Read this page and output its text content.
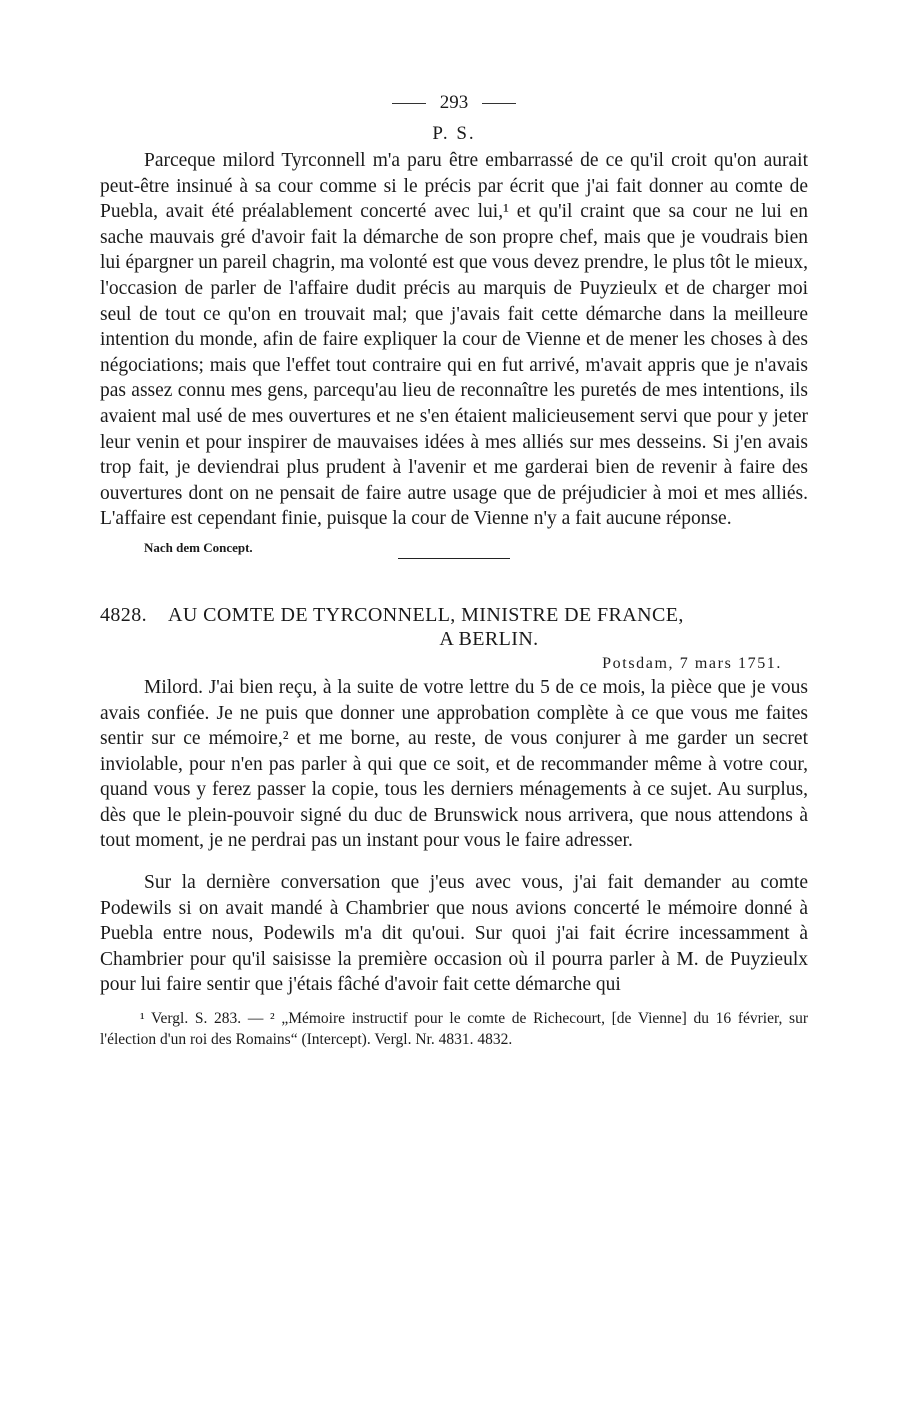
293
P. S.

Parceque milord Tyrconnell m'a paru être embarrassé de ce qu'il croit qu'on aurait peut-être insinué à sa cour comme si le précis par écrit que j'ai fait donner au comte de Puebla, avait été préalablement concerté avec lui,¹ et qu'il craint que sa cour ne lui en sache mauvais gré d'avoir fait la démarche de son propre chef, mais que je voudrais bien lui épargner un pareil chagrin, ma volonté est que vous devez prendre, le plus tôt le mieux, l'occasion de parler de l'affaire dudit précis au marquis de Puyzieulx et de charger moi seul de tout ce qu'on en trouvait mal; que j'avais fait cette démarche dans la meilleure intention du monde, afin de faire expliquer la cour de Vienne et de mener les choses à des négociations; mais que l'effet tout contraire qui en fut arrivé, m'avait appris que je n'avais pas assez connu mes gens, parcequ'au lieu de reconnaître les puretés de mes intentions, ils avaient mal usé de mes ouvertures et ne s'en étaient malicieusement servi que pour y jeter leur venin et pour inspirer de mauvaises idées à mes alliés sur mes desseins. Si j'en avais trop fait, je deviendrai plus prudent à l'avenir et me garderai bien de revenir à faire des ouvertures dont on ne pensait de faire autre usage que de préjudicier à moi et mes alliés. L'affaire est cependant finie, puisque la cour de Vienne n'y a fait aucune réponse.

Nach dem Concept.
4828. AU COMTE DE TYRCONNELL, MINISTRE DE FRANCE,
A BERLIN.
Potsdam, 7 mars 1751.

Milord. J'ai bien reçu, à la suite de votre lettre du 5 de ce mois, la pièce que je vous avais confiée. Je ne puis que donner une approbation complète à ce que vous me faites sentir sur ce mémoire,² et me borne, au reste, de vous conjurer à me garder un secret inviolable, pour n'en pas parler à qui que ce soit, et de recommander même à votre cour, quand vous y ferez passer la copie, tous les derniers ménagements à ce sujet. Au surplus, dès que le plein-pouvoir signé du duc de Brunswick nous arrivera, que nous attendons à tout moment, je ne perdrai pas un instant pour vous le faire adresser.

Sur la dernière conversation que j'eus avec vous, j'ai fait demander au comte Podewils si on avait mandé à Chambrier que nous avions concerté le mémoire donné à Puebla entre nous, Podewils m'a dit qu'oui. Sur quoi j'ai fait écrire incessamment à Chambrier pour qu'il saisisse la première occasion où il pourra parler à M. de Puyzieulx pour lui faire sentir que j'étais fâché d'avoir fait cette démarche qui

¹ Vergl. S. 283. — ² „Mémoire instructif pour le comte de Richecourt, [de Vienne] du 16 février, sur l'élection d'un roi des Romains“ (Intercept). Vergl. Nr. 4831. 4832.
